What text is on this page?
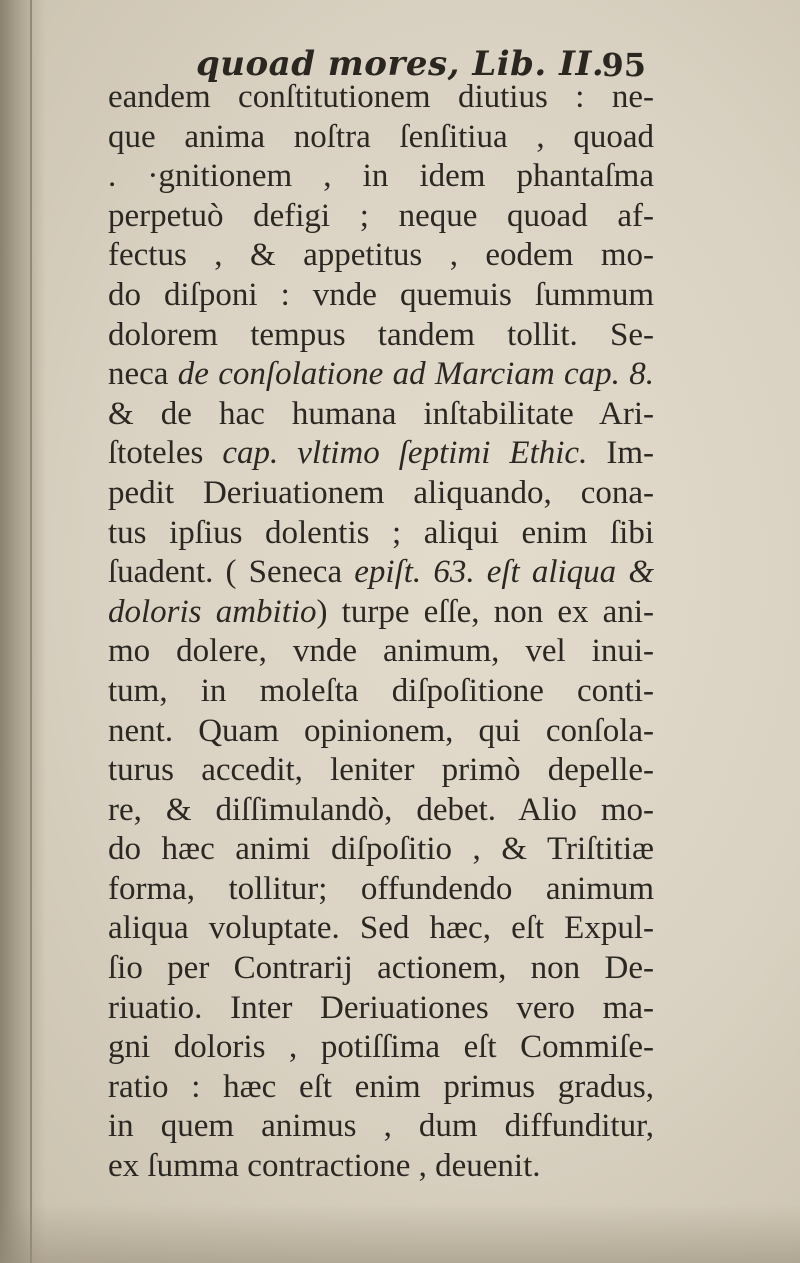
quoad mores, Lib. II.
95
eandem conſtitutionem diutius : ne-
que anima noſtra ſenſitiua , quoad
. ·gnitionem , in idem phantaſma
perpetuò defigi ; neque quoad af-
fectus , & appetitus , eodem mo-
do diſponi : vnde quemuis ſummum
dolorem tempus tandem tollit. Se-
neca de conſolatione ad Marciam cap. 8.
& de hac humana inſtabilitate Ari-
ſtoteles cap. vltimo ſeptimi Ethic. Im-
pedit Deriuationem aliquando, cona-
tus ipſius dolentis ; aliqui enim ſibi
ſuadent. ( Seneca epiſt. 63. eſt aliqua &
doloris ambitio) turpe eſſe, non ex ani-
mo dolere, vnde animum, vel inui-
tum, in moleſta diſpoſitione conti-
nent. Quam opinionem, qui conſola-
turus accedit, leniter primò depelle-
re, & diſſimulandò, debet. Alio mo-
do hæc animi diſpoſitio , & Triſtitiæ
forma, tollitur; offundendo animum
aliqua voluptate. Sed hæc, eſt Expul-
ſio per Contrarij actionem, non De-
riuatio. Inter Deriuationes vero ma-
gni doloris , potiſſima eſt Commiſe-
ratio : hæc eſt enim primus gradus,
in quem animus , dum diffunditur,
ex ſumma contractione , deuenit.
